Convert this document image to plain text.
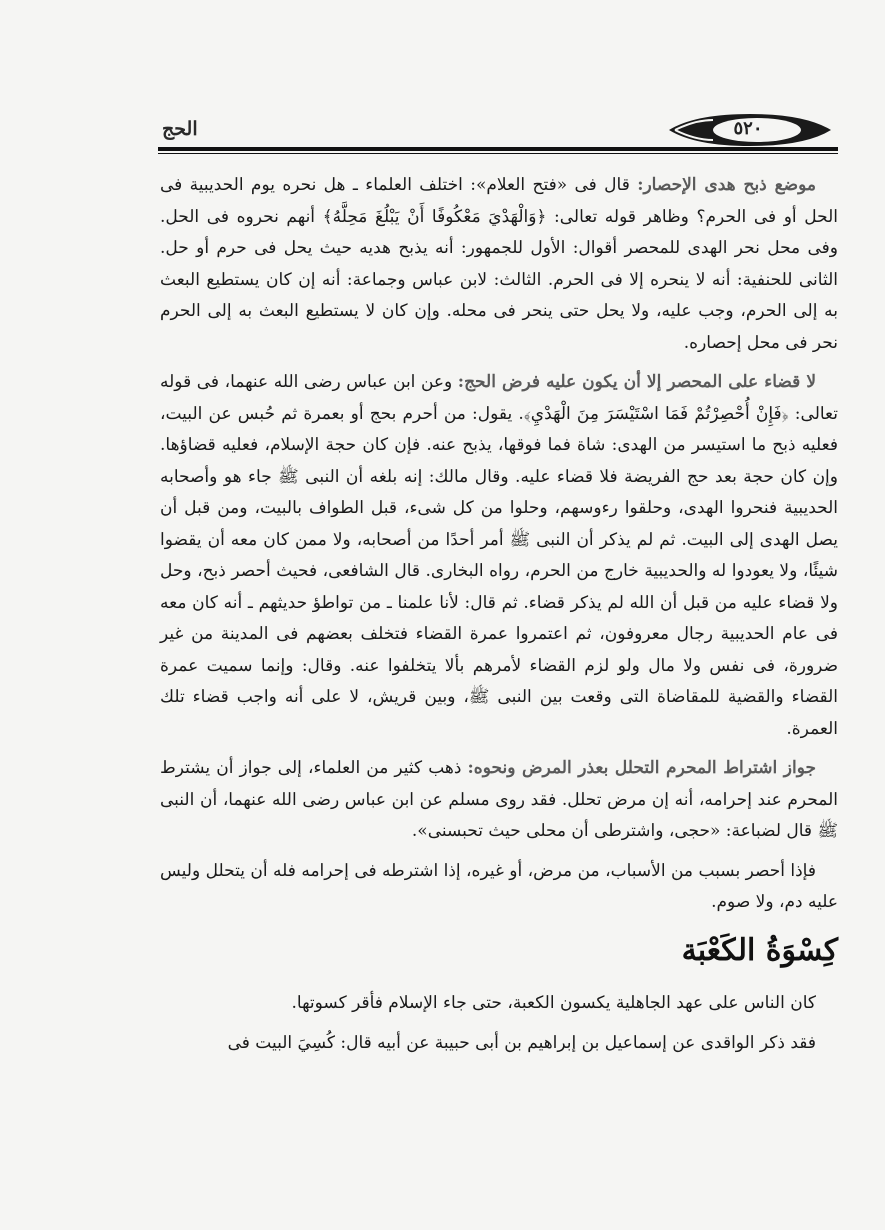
الحج	٥٢٠

موضع ذبح هدى الإحصار: قال فى «فتح العلام»: اختلف العلماء ـ هل نحره يوم الحديبية فى الحل أو فى الحرم؟ وظاهر قوله تعالى: ﴿وَالْهَدْيَ مَعْكُوفًا أَنْ يَبْلُغَ مَحِلَّهُ﴾ أنهم نحروه فى الحل. وفى محل نحر الهدى للمحصر أقوال: الأول للجمهور: أنه يذبح هديه حيث يحل فى حرم أو حل. الثانى للحنفية: أنه لا ينحره إلا فى الحرم. الثالث: لابن عباس وجماعة: أنه إن كان يستطيع البعث به إلى الحرم، وجب عليه، ولا يحل حتى ينحر فى محله. وإن كان لا يستطيع البعث به إلى الحرم نحر فى محل إحصاره.

لا قضاء على المحصر إلا أن يكون عليه فرض الحج: وعن ابن عباس رضى الله عنهما، فى قوله تعالى: ﴿فَإِنْ أُحْصِرْتُمْ فَمَا اسْتَيْسَرَ مِنَ الْهَدْيِ﴾. يقول: من أحرم بحج أو بعمرة ثم حُبس عن البيت، فعليه ذبح ما استيسر من الهدى: شاة فما فوقها، يذبح عنه. فإن كان حجة الإسلام، فعليه قضاؤها. وإن كان حجة بعد حج الفريضة فلا قضاء عليه. وقال مالك: إنه بلغه أن النبى ﷺ جاء هو وأصحابه الحديبية فنحروا الهدى، وحلقوا رءوسهم، وحلوا من كل شىء، قبل الطواف بالبيت، ومن قبل أن يصل الهدى إلى البيت. ثم لم يذكر أن النبى ﷺ أمر أحدًا من أصحابه، ولا ممن كان معه أن يقضوا شيئًا، ولا يعودوا له والحديبية خارج من الحرم، رواه البخارى. قال الشافعى، فحيث أحصر ذبح، وحل ولا قضاء عليه من قبل أن الله لم يذكر قضاء. ثم قال: لأنا علمنا ـ من تواطؤ حديثهم ـ أنه كان معه فى عام الحديبية رجال معروفون، ثم اعتمروا عمرة القضاء فتخلف بعضهم فى المدينة من غير ضرورة، فى نفس ولا مال ولو لزم القضاء لأمرهم بألا يتخلفوا عنه. وقال: وإنما سميت عمرة القضاء والقضية للمقاضاة التى وقعت بين النبى ﷺ، وبين قريش، لا على أنه واجب قضاء تلك العمرة.

جواز اشتراط المحرم التحلل بعذر المرض ونحوه: ذهب كثير من العلماء، إلى جواز أن يشترط المحرم عند إحرامه، أنه إن مرض تحلل. فقد روى مسلم عن ابن عباس رضى الله عنهما، أن النبى ﷺ قال لضباعة: «حجى، واشترطى أن محلى حيث تحبسنى».

فإذا أحصر بسبب من الأسباب، من مرض، أو غيره، إذا اشترطه فى إحرامه فله أن يتحلل وليس عليه دم، ولا صوم.

كِسْوَةُ الكَعْبَة

كان الناس على عهد الجاهلية يكسون الكعبة، حتى جاء الإسلام فأقر كسوتها.

فقد ذكر الواقدى عن إسماعيل بن إبراهيم بن أبى حبيبة عن أبيه قال: كُسِيَ البيت فى
